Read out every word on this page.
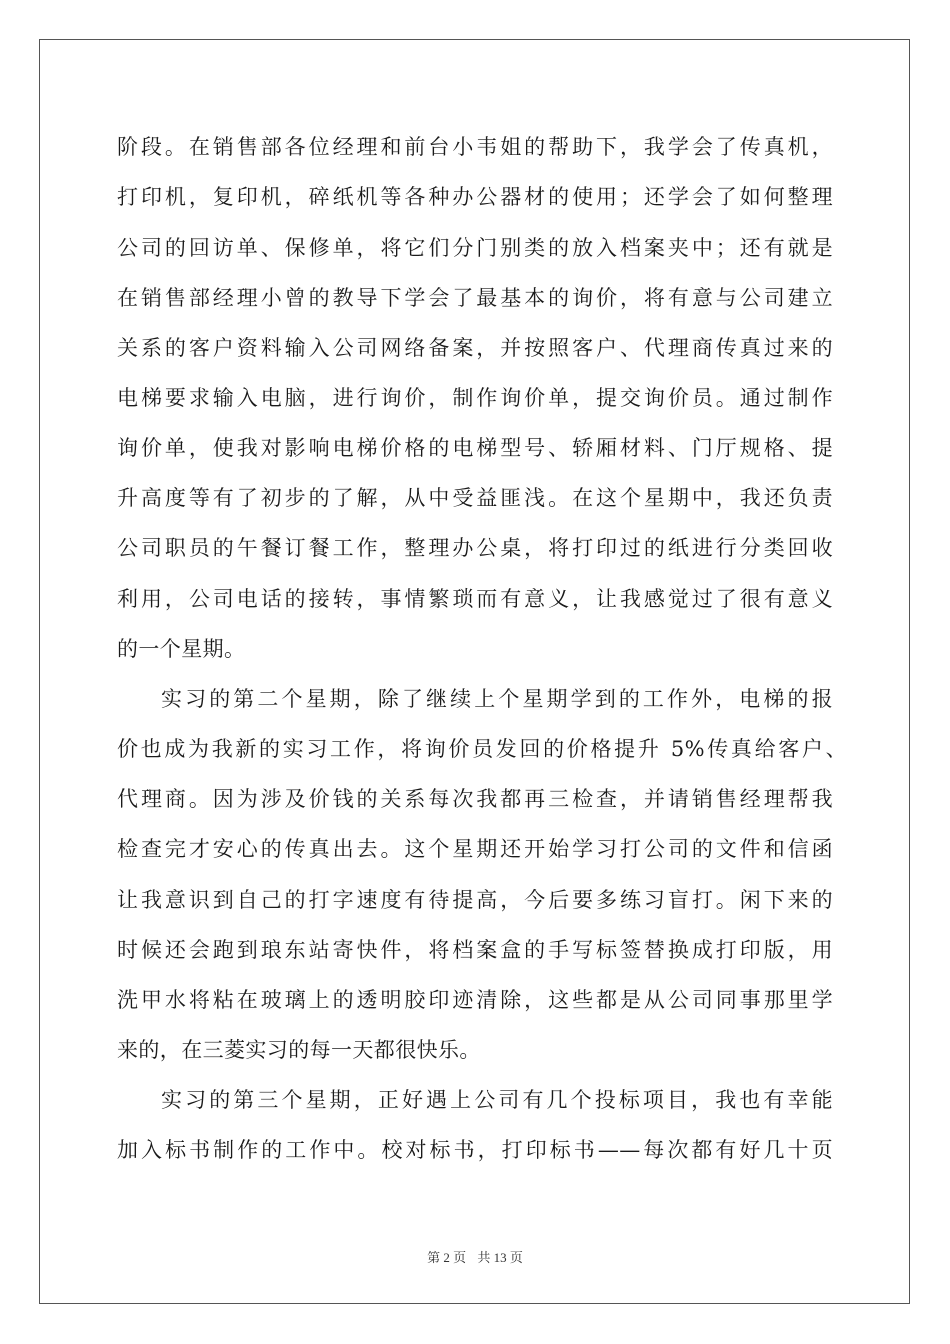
阶段。在销售部各位经理和前台小韦姐的帮助下，我学会了传真机，
打印机，复印机，碎纸机等各种办公器材的使用；还学会了如何整理
公司的回访单、保修单，将它们分门别类的放入档案夹中；还有就是
在销售部经理小曾的教导下学会了最基本的询价，将有意与公司建立
关系的客户资料输入公司网络备案，并按照客户、代理商传真过来的
电梯要求输入电脑，进行询价，制作询价单，提交询价员。通过制作
询价单，使我对影响电梯价格的电梯型号、轿厢材料、门厅规格、提
升高度等有了初步的了解，从中受益匪浅。在这个星期中，我还负责
公司职员的午餐订餐工作，整理办公桌，将打印过的纸进行分类回收
利用，公司电话的接转，事情繁琐而有意义，让我感觉过了很有意义
的一个星期。
实习的第二个星期，除了继续上个星期学到的工作外，电梯的报
价也成为我新的实习工作，将询价员发回的价格提升 5%传真给客户、
代理商。因为涉及价钱的关系每次我都再三检查，并请销售经理帮我
检查完才安心的传真出去。这个星期还开始学习打公司的文件和信函
让我意识到自己的打字速度有待提高，今后要多练习盲打。闲下来的
时候还会跑到琅东站寄快件，将档案盒的手写标签替换成打印版，用
洗甲水将粘在玻璃上的透明胶印迹清除，这些都是从公司同事那里学
来的，在三菱实习的每一天都很快乐。
实习的第三个星期，正好遇上公司有几个投标项目，我也有幸能
加入标书制作的工作中。校对标书，打印标书——每次都有好几十页
第 2 页 共 13 页
